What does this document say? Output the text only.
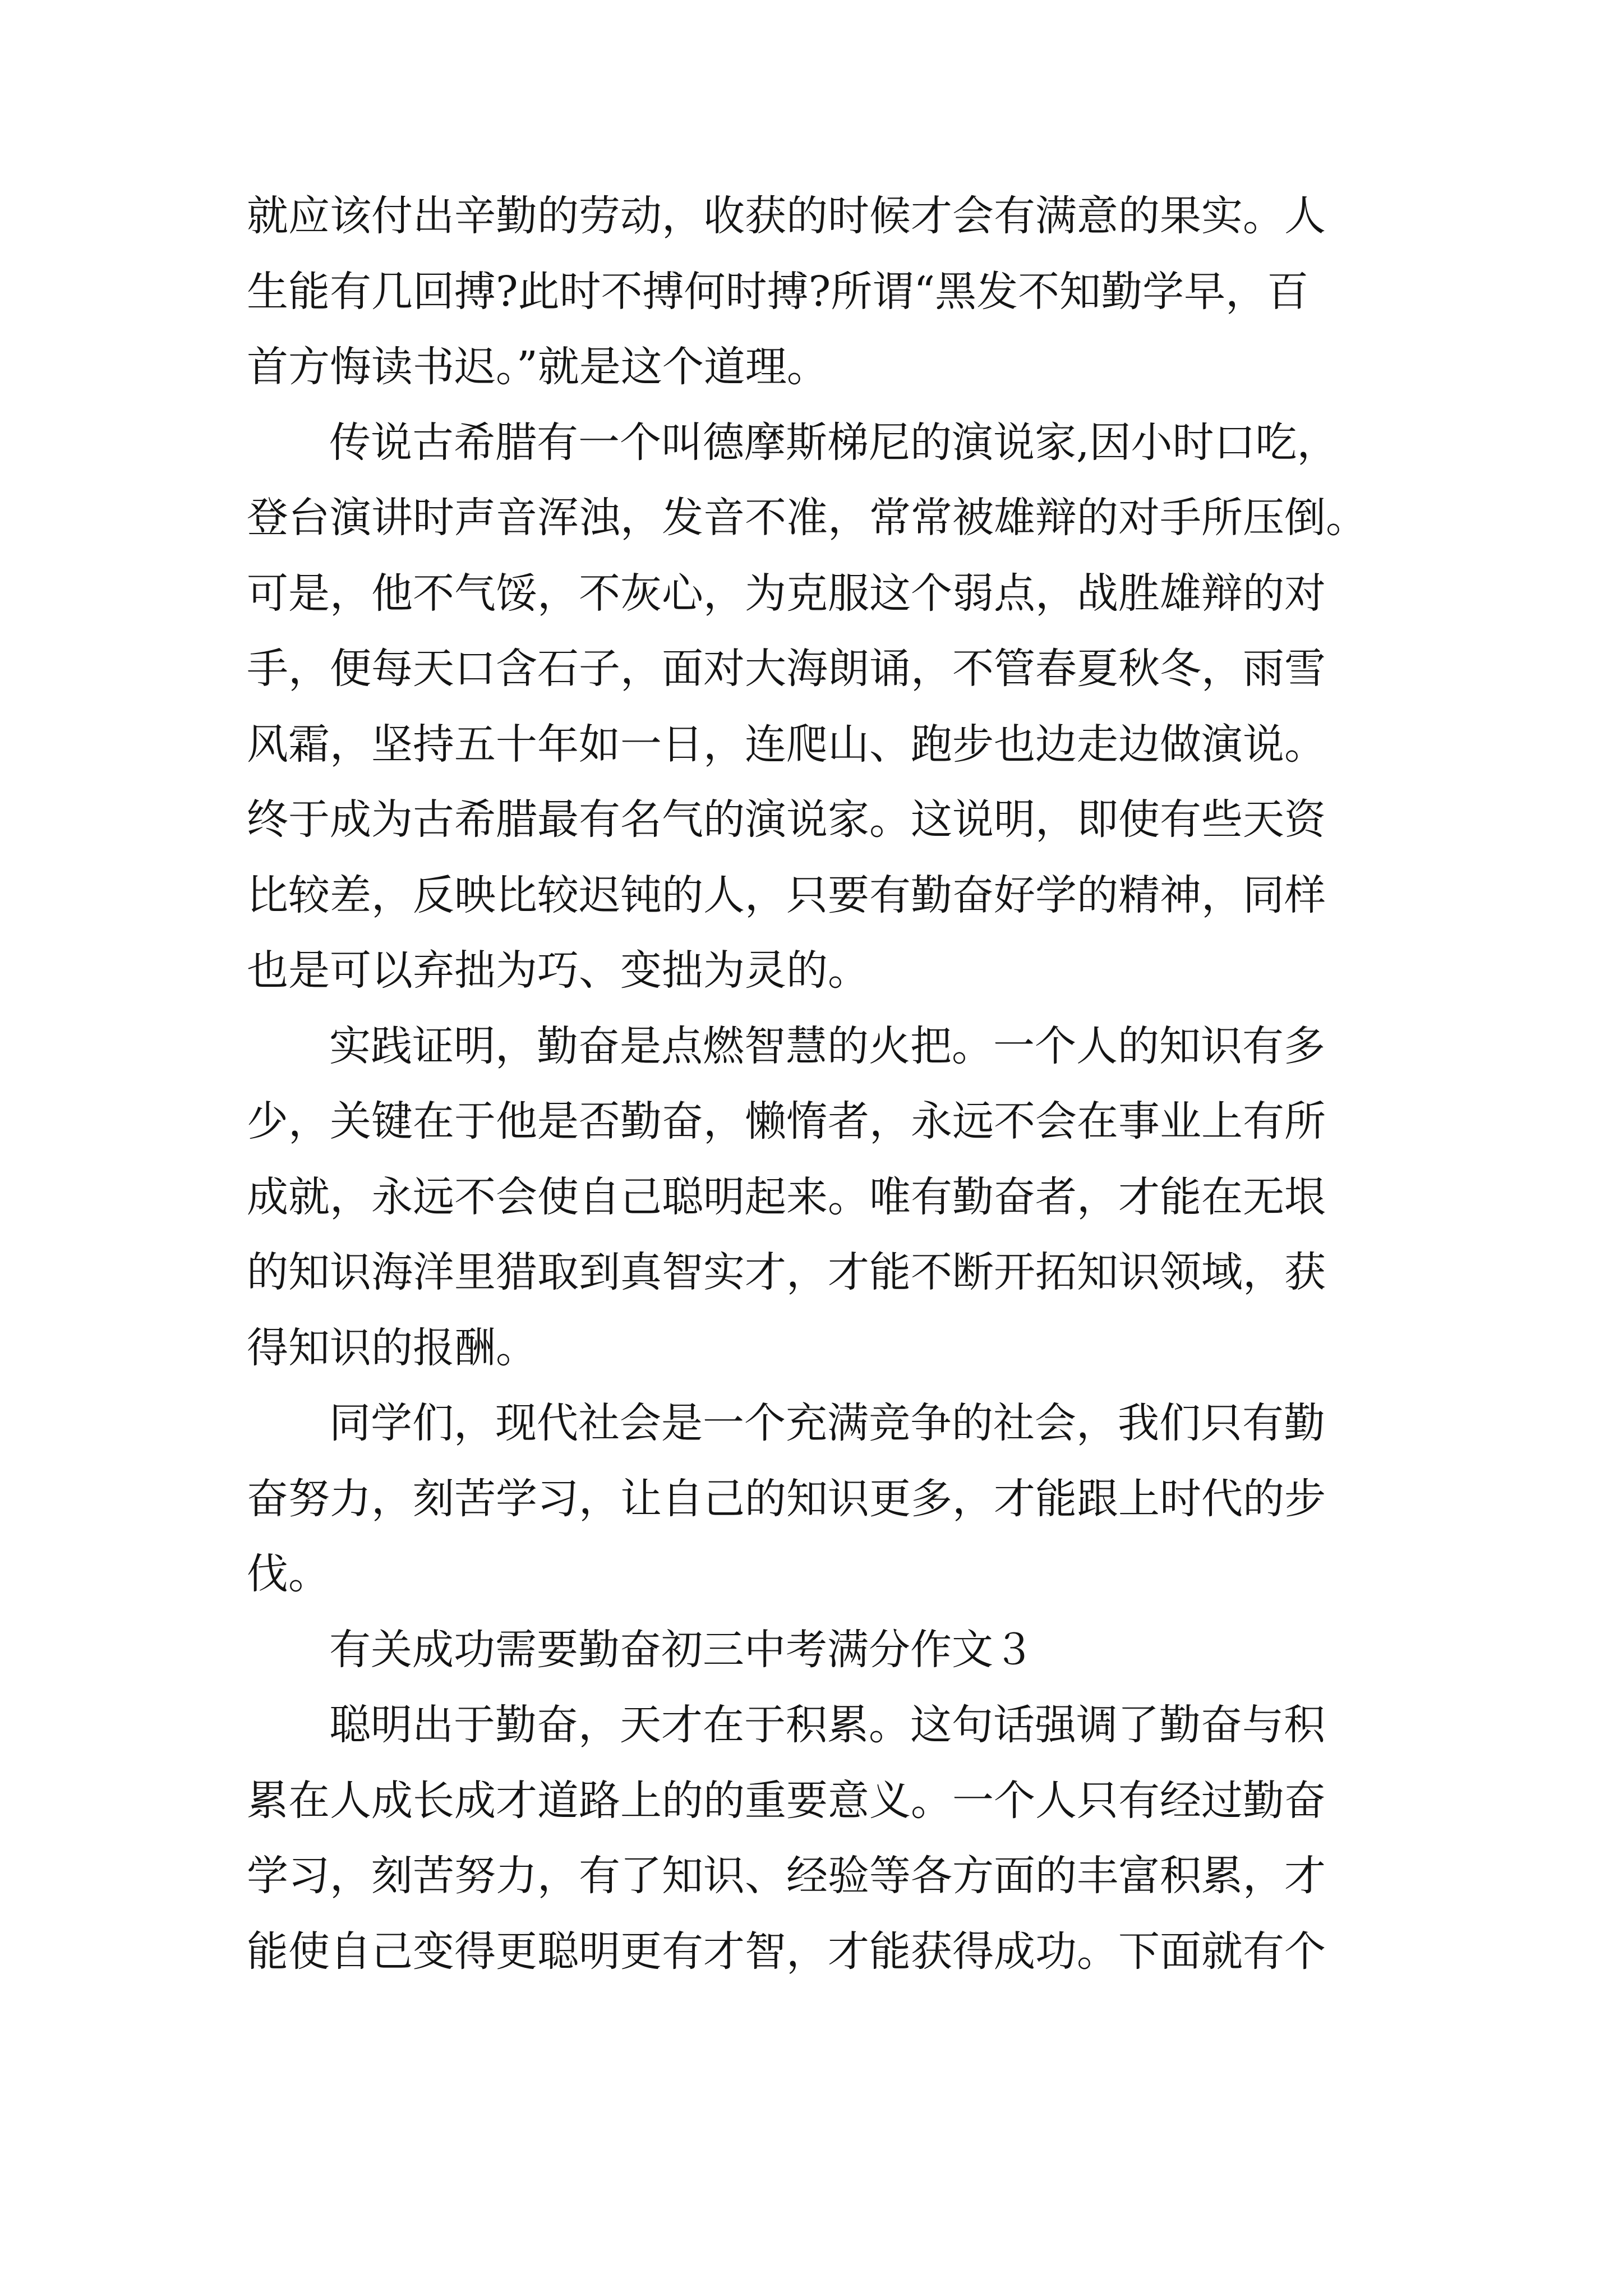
就应该付出辛勤的劳动，收获的时候才会有满意的果实。人
生能有几回搏?此时不搏何时搏?所谓“黑发不知勤学早，百
首方悔读书迟。”就是这个道理。
传说古希腊有一个叫德摩斯梯尼的演说家,因小时口吃，
登台演讲时声音浑浊，发音不准，常常被雄辩的对手所压倒。
可是，他不气馁，不灰心，为克服这个弱点，战胜雄辩的对
手，便每天口含石子，面对大海朗诵，不管春夏秋冬，雨雪
风霜，坚持五十年如一日，连爬山、跑步也边走边做演说。
终于成为古希腊最有名气的演说家。这说明，即使有些天资
比较差，反映比较迟钝的人，只要有勤奋好学的精神，同样
也是可以弃拙为巧、变拙为灵的。
实践证明，勤奋是点燃智慧的火把。一个人的知识有多
少，关键在于他是否勤奋，懒惰者，永远不会在事业上有所
成就，永远不会使自己聪明起来。唯有勤奋者，才能在无垠
的知识海洋里猎取到真智实才，才能不断开拓知识领域，获
得知识的报酬。
同学们，现代社会是一个充满竞争的社会，我们只有勤
奋努力，刻苦学习，让自己的知识更多，才能跟上时代的步
伐。
有关成功需要勤奋初三中考满分作文３
聪明出于勤奋，天才在于积累。这句话强调了勤奋与积
累在人成长成才道路上的的重要意义。一个人只有经过勤奋
学习，刻苦努力，有了知识、经验等各方面的丰富积累，才
能使自己变得更聪明更有才智，才能获得成功。下面就有个
